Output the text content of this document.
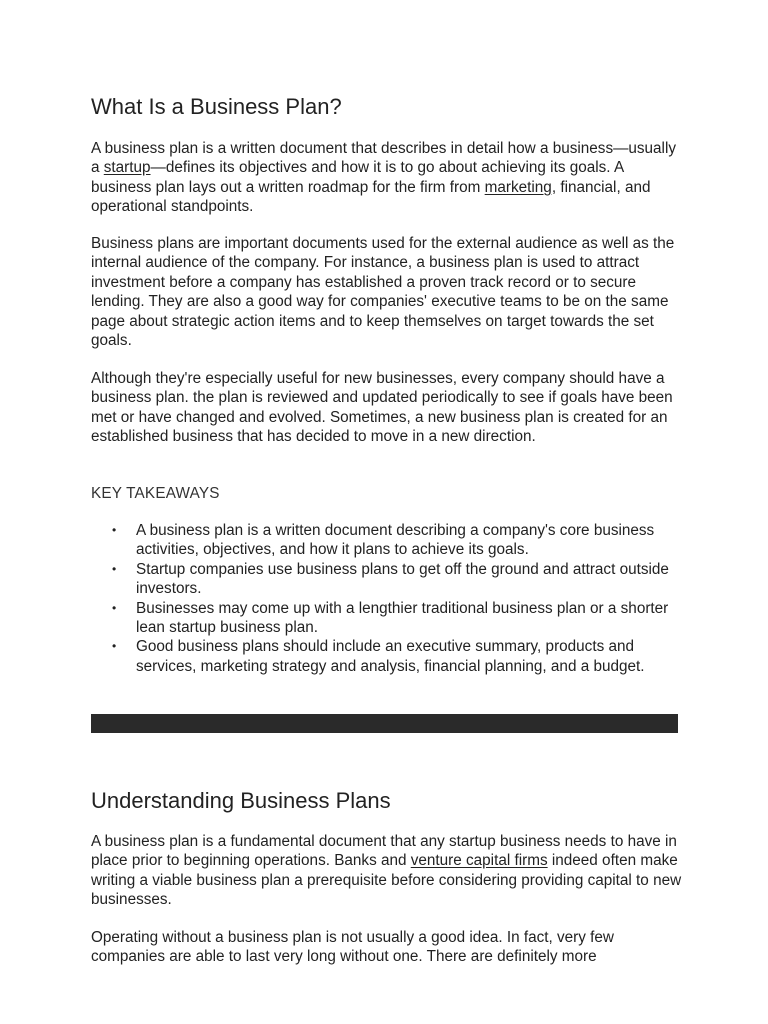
What Is a Business Plan?

A business plan is a written document that describes in detail how a business—usually a startup—defines its objectives and how it is to go about achieving its goals. A business plan lays out a written roadmap for the firm from marketing, financial, and operational standpoints.

Business plans are important documents used for the external audience as well as the internal audience of the company. For instance, a business plan is used to attract investment before a company has established a proven track record or to secure lending. They are also a good way for companies' executive teams to be on the same page about strategic action items and to keep themselves on target towards the set goals.

Although they're especially useful for new businesses, every company should have a business plan. the plan is reviewed and updated periodically to see if goals have been met or have changed and evolved. Sometimes, a new business plan is created for an established business that has decided to move in a new direction.

KEY TAKEAWAYS
• A business plan is a written document describing a company's core business activities, objectives, and how it plans to achieve its goals.
• Startup companies use business plans to get off the ground and attract outside investors.
• Businesses may come up with a lengthier traditional business plan or a shorter lean startup business plan.
• Good business plans should include an executive summary, products and services, marketing strategy and analysis, financial planning, and a budget.
Understanding Business Plans

A business plan is a fundamental document that any startup business needs to have in place prior to beginning operations. Banks and venture capital firms indeed often make writing a viable business plan a prerequisite before considering providing capital to new businesses.

Operating without a business plan is not usually a good idea. In fact, very few companies are able to last very long without one. There are definitely more
